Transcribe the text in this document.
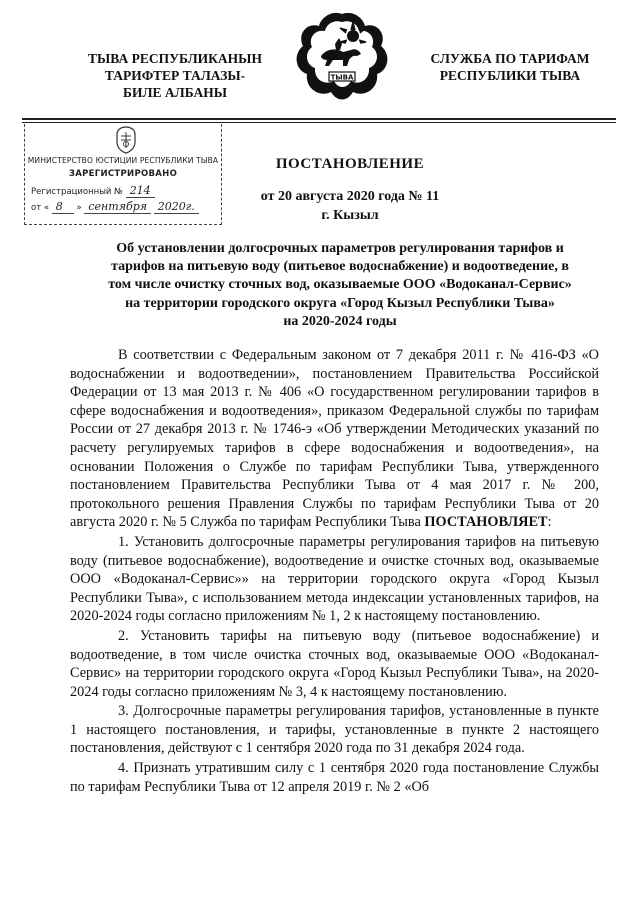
ТЫВА РЕСПУБЛИКАНЫН
ТАРИФТЕР ТАЛАЗЫ-
БИЛЕ АЛБАНЫ
ТЫВА
СЛУЖБА ПО ТАРИФАМ
РЕСПУБЛИКИ ТЫВА
МИНИСТЕРСТВО ЮСТИЦИИ РЕСПУБЛИКИ ТЫВА
ЗАРЕГИСТРИРОВАНО
Регистрационный № 214
от « 8 » сентября 2020г.
ПОСТАНОВЛЕНИЕ
от 20 августа 2020 года № 11
г. Кызыл
Об установлении долгосрочных параметров регулирования тарифов и
тарифов на питьевую воду (питьевое водоснабжение) и водоотведение, в
том числе очистку сточных вод, оказываемые ООО «Водоканал-Сервис»
на территории городского округа «Город Кызыл Республики Тыва»
на 2020-2024 годы

В соответствии с Федеральным законом от 7 декабря 2011 г. № 416-ФЗ «О водоснабжении и водоотведении», постановлением Правительства Российской Федерации от 13 мая 2013 г. № 406 «О государственном регулировании тарифов в сфере водоснабжения и водоотведения», приказом Федеральной службы по тарифам России от 27 декабря 2013 г. № 1746-э «Об утверждении Методических указаний по расчету регулируемых тарифов в сфере водоснабжения и водоотведения», на основании Положения о Службе по тарифам Республики Тыва, утвержденного постановлением Правительства Республики Тыва от 4 мая 2017 г. № 200, протокольного решения Правления Службы по тарифам Республики Тыва от 20 августа 2020 г. № 5 Служба по тарифам Республики Тыва ПОСТАНОВЛЯЕТ:

1. Установить долгосрочные параметры регулирования тарифов на питьевую воду (питьевое водоснабжение), водоотведение и очистке сточных вод, оказываемые ООО «Водоканал-Сервис»» на территории городского округа «Город Кызыл Республики Тыва», с использованием метода индексации установленных тарифов, на 2020-2024 годы согласно приложениям № 1, 2 к настоящему постановлению.

2. Установить тарифы на питьевую воду (питьевое водоснабжение) и водоотведение, в том числе очистка сточных вод, оказываемые ООО «Водоканал-Сервис» на территории городского округа «Город Кызыл Республики Тыва», на 2020-2024 годы согласно приложениям № 3, 4 к настоящему постановлению.

3. Долгосрочные параметры регулирования тарифов, установленные в пункте 1 настоящего постановления, и тарифы, установленные в пункте 2 настоящего постановления, действуют с 1 сентября 2020 года по 31 декабря 2024 года.

4. Признать утратившим силу с 1 сентября 2020 года постановление Службы по тарифам Республики Тыва от 12 апреля 2019 г. № 2 «Об
